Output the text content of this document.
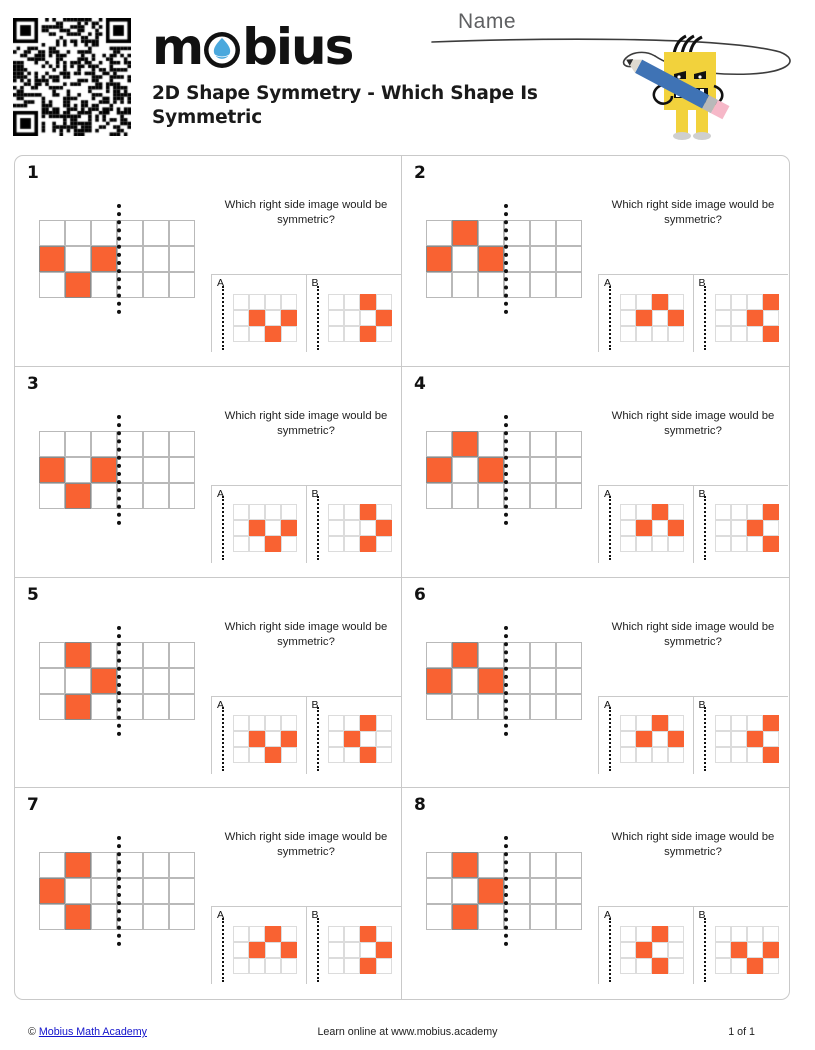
m bius
2D Shape Symmetry - Which Shape Is Symmetric
Name
1
Which right side image would be symmetric?
A	B
2
Which right side image would be symmetric?
A	B
3
Which right side image would be symmetric?
A	B
4
Which right side image would be symmetric?
A	B
5
Which right side image would be symmetric?
A	B
6
Which right side image would be symmetric?
A	B
7
Which right side image would be symmetric?
A	B
8
Which right side image would be symmetric?
A	B
© Mobius Math Academy	Learn online at www.mobius.academy	1 of 1
